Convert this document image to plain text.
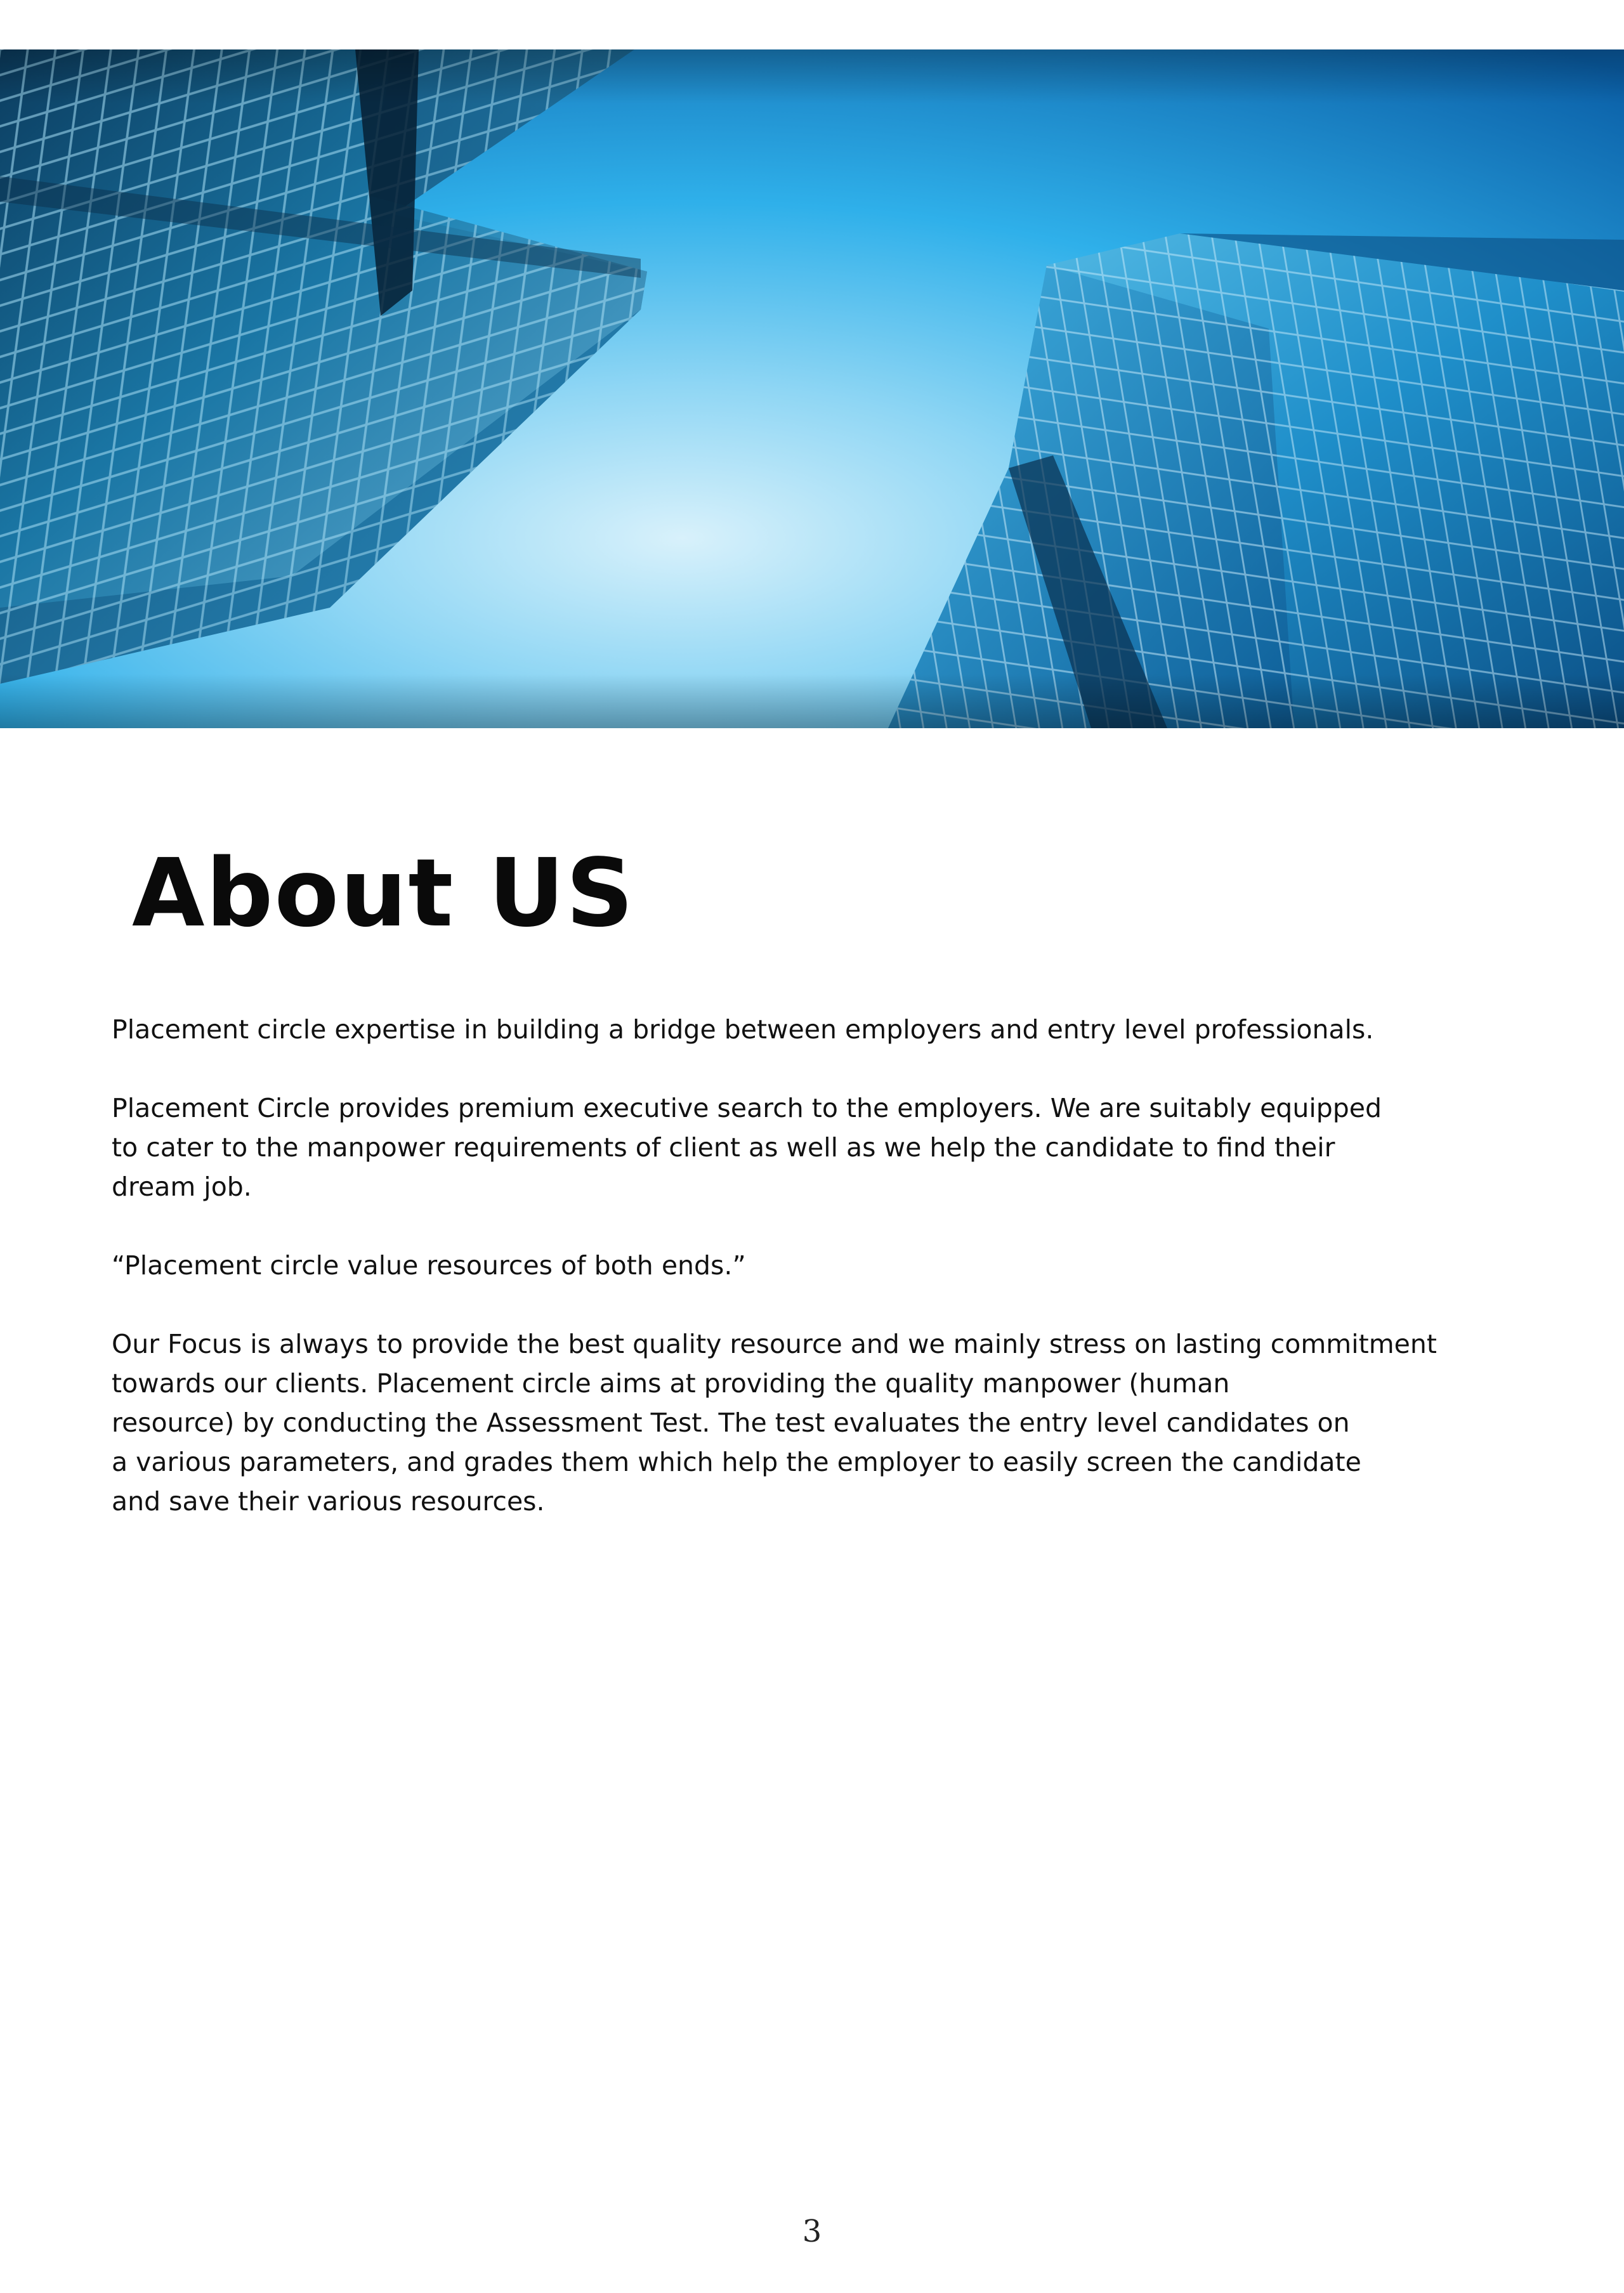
About US

Placement circle expertise in building a bridge between employers and entry level professionals.

Placement Circle provides premium executive search to the employers. We are suitably equipped
to cater to the manpower requirements of client as well as we help the candidate to find their
dream job.

“Placement circle value resources of both ends.”

Our Focus is always to provide the best quality resource and we mainly stress on lasting commitment
towards our clients. Placement circle aims at providing the quality manpower (human
resource) by conducting the Assessment Test. The test evaluates the entry level candidates on
a various parameters, and grades them which help the employer to easily screen the candidate
and save their various resources.

3
